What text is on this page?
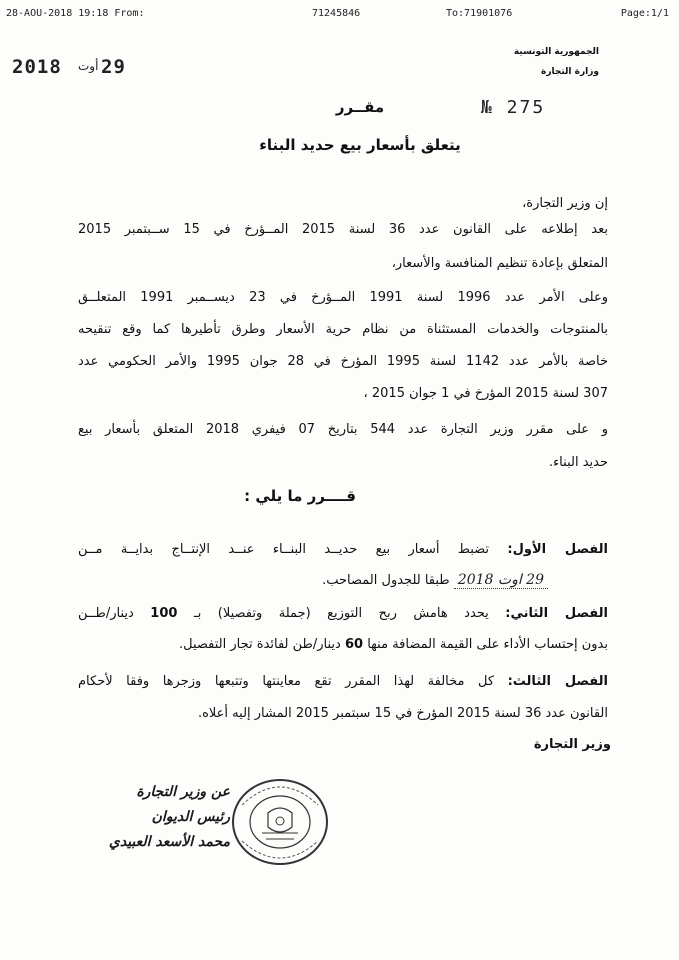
28-AOU-2018 19:18 From:	71245846	To:71901076	Page:1/1
2018 أوت 29
الجمهورية التونسية
وزارة التجارة
№ 275
مقــرر
يتعلق بأسعار بيع حديد البناء
إن وزير التجارة،
بعد إطلاعه على القانون عدد 36 لسنة 2015 المــؤرخ في 15 ســبتمبر 2015
المتعلق بإعادة تنظيم المنافسة والأسعار،
وعلى الأمر عدد 1996 لسنة 1991 المــؤرخ في 23 ديســمبر 1991 المتعلــق
بالمنتوجات والخدمات المستثناة من نظام حرية الأسعار وطرق تأطيرها كما وقع تنقيحه
خاصة بالأمر عدد 1142 لسنة 1995 المؤرخ في 28 جوان 1995 والأمر الحكومي عدد
307 لسنة 2015 المؤرخ في 1 جوان 2015 ،
و على مقرر وزير التجارة عدد 544 بتاريخ 07 فيفري 2018 المتعلق بأسعار بيع
حديد البناء.
الفصل الأول: تضبط أسعار بيع حديــد البنــاء عنــد الإنتــاج بدايــة مــن
29 اوت 2018 طبقا للجدول المصاحب.
الفصل الثاني: يحدد هامش ربح التوزيع (جملة وتفصيلا) بـ 100 دينار/طــن
بدون إحتساب الأداء على القيمة المضافة منها 60 دينار/طن لفائدة تجار التفصيل.
الفصل الثالث: كل مخالفة لهذا المقرر تقع معاينتها وتتبعها وزجرها وفقا لأحكام
القانون عدد 36 لسنة 2015 المؤرخ في 15 سبتمبر 2015 المشار إليه أعلاه.
قــــرر ما يلي :
وزير التجارة
عن وزير التجارة
رئيس الديوان
محمد الأسعد العبيدي
